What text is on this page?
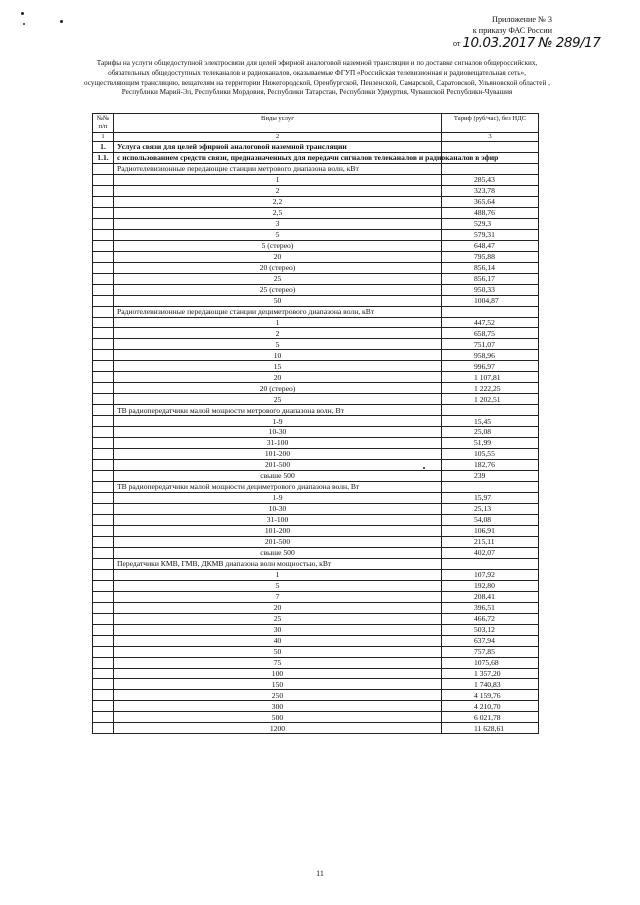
Приложение № 3
к приказу ФАС России
от 10.03.2017 № 289/17
Тарифы на услуги общедоступной электросвязи для целей эфирной аналоговой наземной трансляции и по доставке сигналов общероссийских, обязательных общедоступных телеканалов и радиоканалов, оказываемые ФГУП «Российская телевизионная и радиовещательная сеть», осуществляющим трансляцию, вещателям на территории Нижегородской, Оренбургской, Пензенской, Самарской, Саратовской, Ульяновской областей , Республики Марий-Эл, Республики Мордовия, Республики Татарстан, Республики Удмуртия, Чувашской Республики-Чувашия
№№ п/п	Виды услуг	Тариф (руб/час), без НДС
1	2	3
1.	Услуга связи для целей эфирной аналоговой наземной трансляции	
1.1.	с использованием средств связи, предназначенных для передачи сигналов телеканалов и радиоканалов в эфир	
	Радиотелевизионные передающие станции метрового диапазона волн, кВт	
	1	285,43
	2	323,78
	2,2	365,64
	2,5	488,76
	3	529,3
	5	579,31
	5 (стерео)	648,47
	20	795,88
	20 (стерео)	856,14
	25	856,17
	25 (стерео)	950,33
	50	1004,87
	Радиотелевизионные передающие станции дециметрового диапазона волн, кВт	
	1	447,52
	2	658,75
	5	751,07
	10	958,96
	15	996,97
	20	1 107,81
	20 (стерео)	1 222,25
	25	1 202,51
	ТВ радиопередатчики малой мощности метрового диапазона волн, Вт	
	1-9	15,45
	10-30	25,08
	31-100	51,99
	101-200	105,55
	201-500	182,76
	свыше 500	239
	ТВ радиопередатчики малой мощности дециметрового диапазона волн, Вт	
	1-9	15,97
	10-30	25,13
	31-100	54,08
	101-200	106,91
	201-500	215,11
	свыше 500	402,07
	Передатчики КМВ, ГМВ, ДКМВ диапазона волн мощностью, кВт	
	1	107,92
	5	192,80
	7	208,41
	20	396,51
	25	466,72
	30	503,12
	40	637,94
	50	757,85
	75	1075,68
	100	1 357,20
	150	1 740,83
	250	4 159,76
	300	4 210,70
	500	6 021,78
	1200	11 628,61
11
